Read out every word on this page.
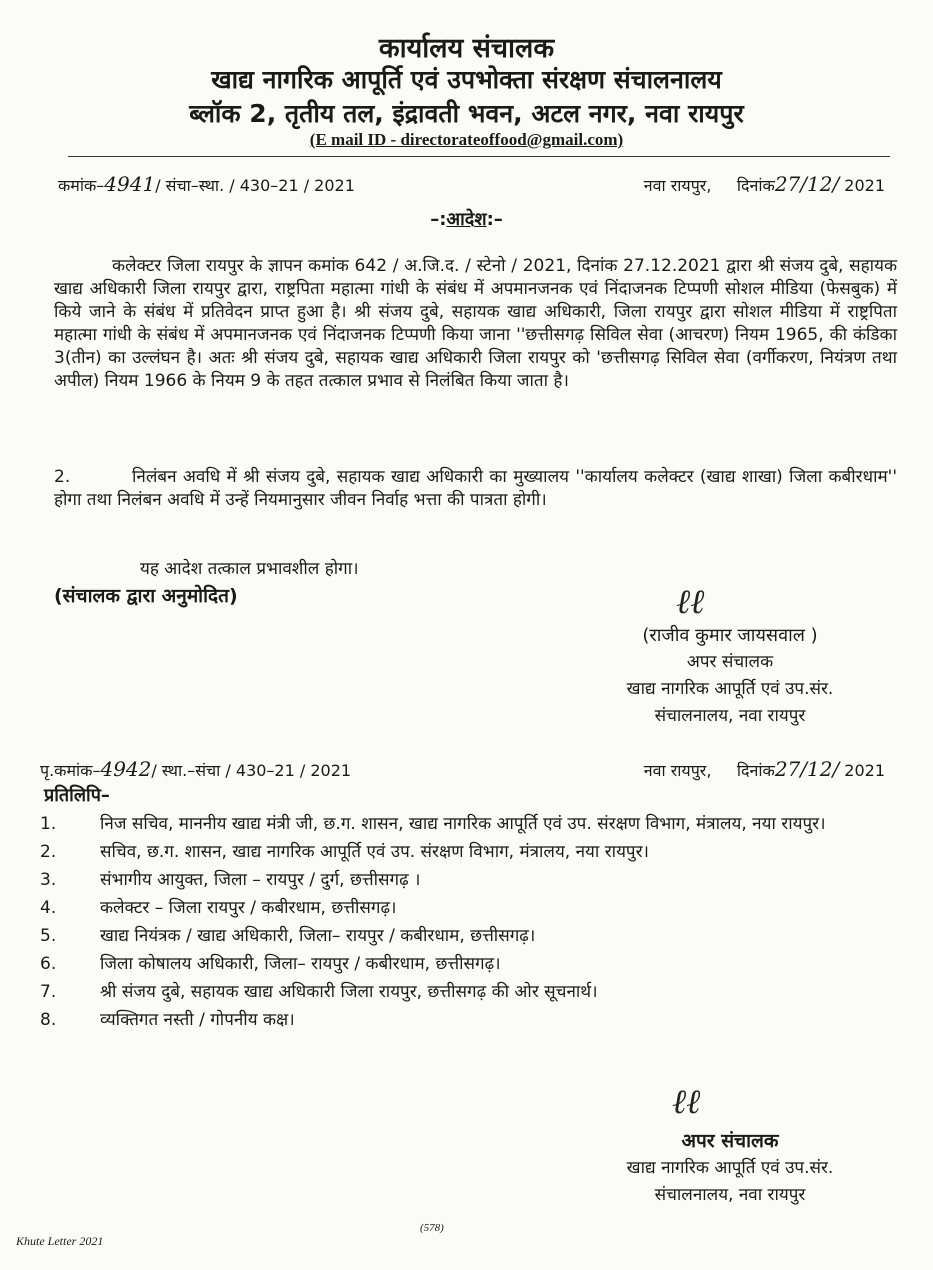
कार्यालय संचालक
खाद्य नागरिक आपूर्ति एवं उपभोक्ता संरक्षण संचालनालय
ब्लॉक 2, तृतीय तल, इंद्रावती भवन, अटल नगर, नवा रायपुर
(E mail ID - directorateoffood@gmail.com)
कमांक–4941/ संचा–स्था. / 430–21 / 2021	नवा रायपुर, दिनांक27/12/ 2021
–:आदेश:–
कलेक्टर जिला रायपुर के ज्ञापन कमांक 642 / अ.जि.द. / स्टेनो / 2021, दिनांक 27.12.2021 द्वारा श्री संजय दुबे, सहायक खाद्य अधिकारी जिला रायपुर द्वारा, राष्ट्रपिता महात्मा गांधी के संबंध में अपमानजनक एवं निंदाजनक टिप्पणी सोशल मीडिया (फेसबुक) में किये जाने के संबंध में प्रतिवेदन प्राप्त हुआ है। श्री संजय दुबे, सहायक खाद्य अधिकारी, जिला रायपुर द्वारा सोशल मीडिया में राष्ट्रपिता महात्मा गांधी के संबंध में अपमानजनक एवं निंदाजनक टिप्पणी किया जाना ''छत्तीसगढ़ सिविल सेवा (आचरण) नियम 1965, की कंडिका 3(तीन) का उल्लंघन है। अतः श्री संजय दुबे, सहायक खाद्य अधिकारी जिला रायपुर को 'छत्तीसगढ़ सिविल सेवा (वर्गीकरण, नियंत्रण तथा अपील) नियम 1966 के नियम 9 के तहत तत्काल प्रभाव से निलंबित किया जाता है।
2.	निलंबन अवधि में श्री संजय दुबे, सहायक खाद्य अधिकारी का मुख्यालय ''कार्यालय कलेक्टर (खाद्य शाखा) जिला कबीरधाम'' होगा तथा निलंबन अवधि में उन्हें नियमानुसार जीवन निर्वाह भत्ता की पात्रता होगी।
यह आदेश तत्काल प्रभावशील होगा।
(संचालक द्वारा अनुमोदित)	ℓℓ
(राजीव कुमार जायसवाल )
अपर संचालक
खाद्य नागरिक आपूर्ति एवं उप.संर.
संचालनालय, नवा रायपुर
पृ.कमांक–4942/ स्था.–संचा / 430–21 / 2021	नवा रायपुर, दिनांक27/12/ 2021
प्रतिलिपि–
1.	निज सचिव, माननीय खाद्य मंत्री जी, छ.ग. शासन, खाद्य नागरिक आपूर्ति एवं उप. संरक्षण विभाग, मंत्रालय, नया रायपुर।
2.	सचिव, छ.ग. शासन, खाद्य नागरिक आपूर्ति एवं उप. संरक्षण विभाग, मंत्रालय, नया रायपुर।
3.	संभागीय आयुक्त, जिला – रायपुर / दुर्ग, छत्तीसगढ़ ।
4.	कलेक्टर – जिला रायपुर / कबीरधाम, छत्तीसगढ़।
5.	खाद्य नियंत्रक / खाद्य अधिकारी, जिला– रायपुर / कबीरधाम, छत्तीसगढ़।
6.	जिला कोषालय अधिकारी, जिला– रायपुर / कबीरधाम, छत्तीसगढ़।
7.	श्री संजय दुबे, सहायक खाद्य अधिकारी जिला रायपुर, छत्तीसगढ़ की ओर सूचनार्थ।
8.	व्यक्तिगत नस्ती / गोपनीय कक्ष।
ℓℓ
अपर संचालक
खाद्य नागरिक आपूर्ति एवं उप.संर.
संचालनालय, नवा रायपुर
Khute Letter 2021
(578)
